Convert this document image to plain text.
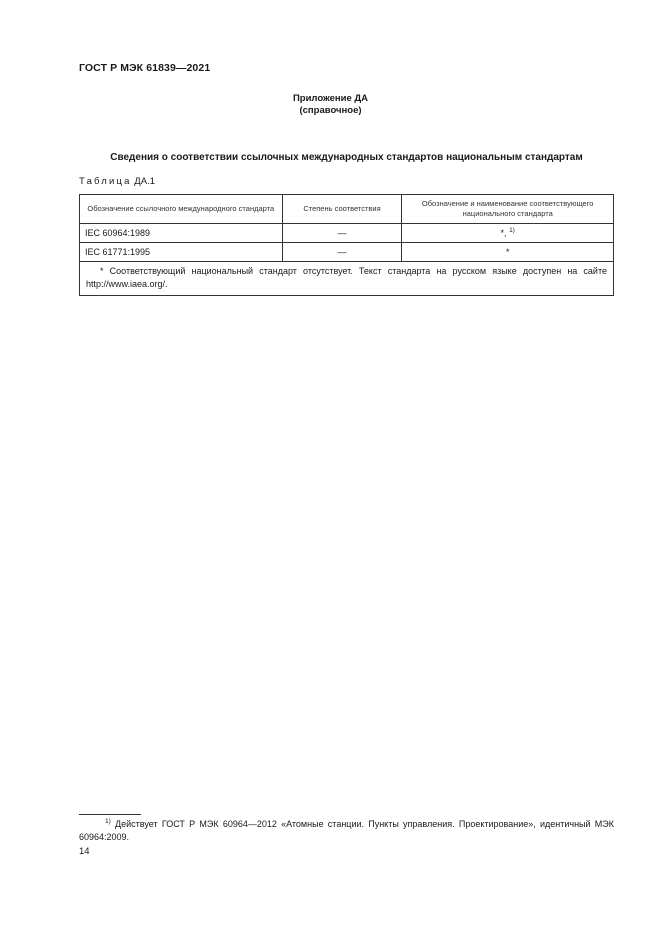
ГОСТ Р МЭК 61839—2021
Приложение ДА
(справочное)
Сведения о соответствии ссылочных международных стандартов национальным стандартам
Таблица ДА.1
Обозначение ссылочного международного стандарта	Степень соответствия	Обозначение и наименование соответствующего национального стандарта
IEC 60964:1989	—	*, $^{1)}$
IEC 61771:1995	—	*
* Соответствующий национальный стандарт отсутствует. Текст стандарта на русском языке доступен на сайте http://www.iaea.org/.		
$^{1)}$ Действует ГОСТ Р МЭК 60964—2012 «Атомные станции. Пункты управления. Проектирование», идентичный МЭК 60964:2009.
14
